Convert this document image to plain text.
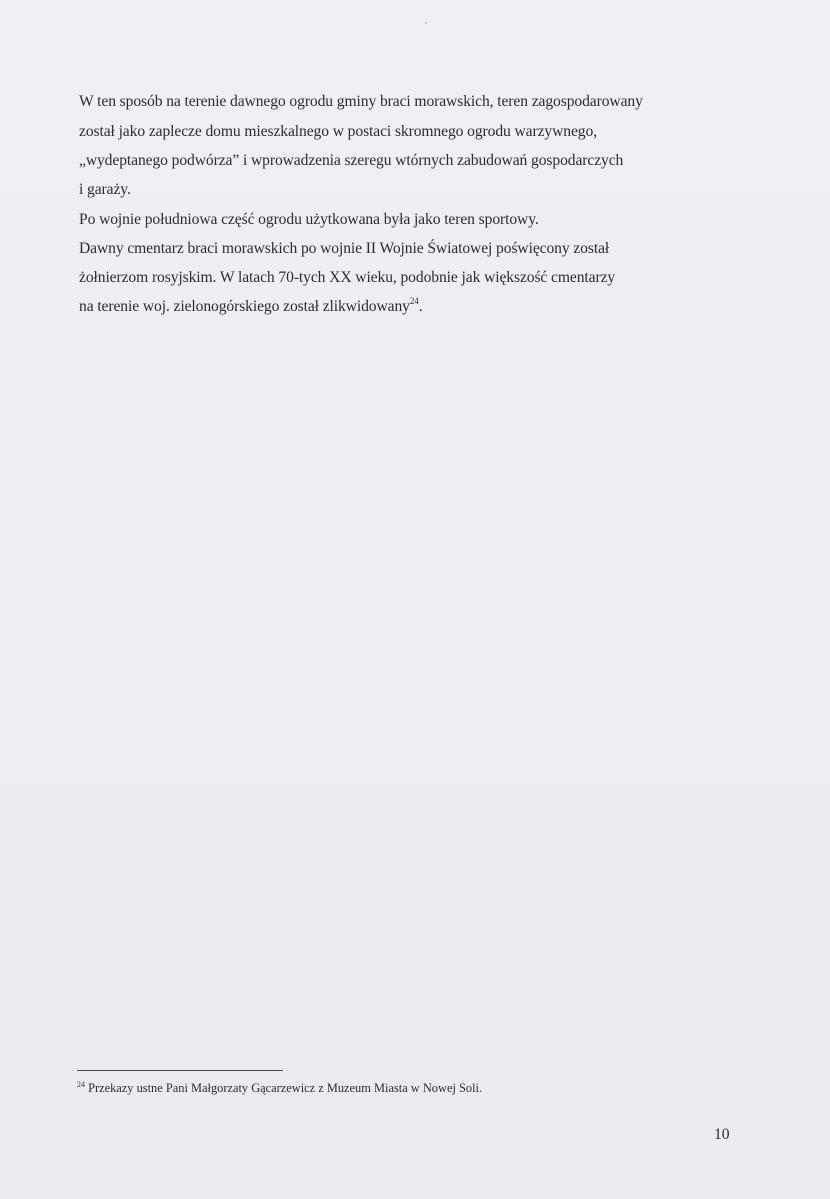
W ten sposób na terenie dawnego ogrodu gminy braci morawskich, teren zagospodarowany
został jako zaplecze domu mieszkalnego w postaci skromnego ogrodu warzywnego,
„wydeptanego podwórza” i wprowadzenia szeregu wtórnych zabudowań gospodarczych
i garaży.
Po wojnie południowa część ogrodu użytkowana była jako teren sportowy.
Dawny cmentarz braci morawskich po wojnie II Wojnie Światowej poświęcony został
żołnierzom rosyjskim. W latach 70-tych XX wieku, podobnie jak większość cmentarzy
na terenie woj. zielonogórskiego został zlikwidowany$^{24}$.
$^{24}$ Przekazy ustne Pani Małgorzaty Gącarzewicz z Muzeum Miasta w Nowej Soli.
10
